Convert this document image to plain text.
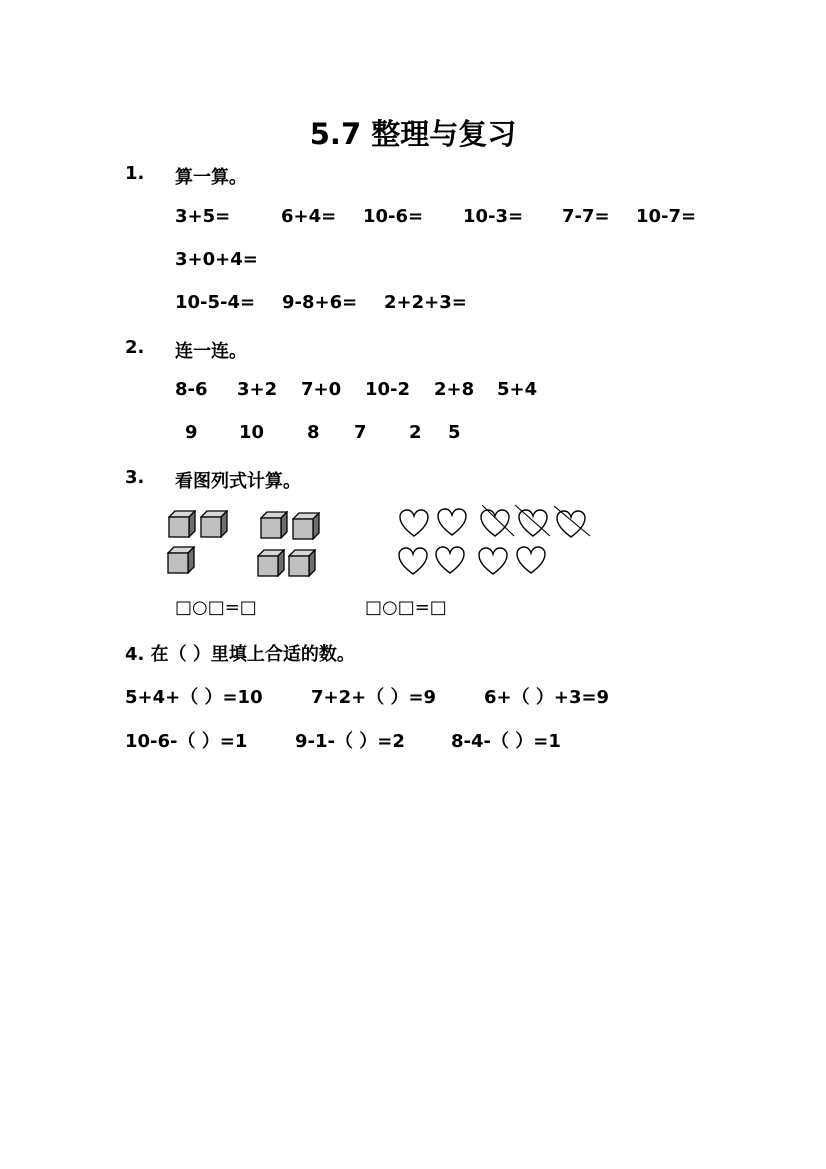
5.7 整理与复习
1. 算一算。
3+5=	6+4= 10-6= 10-3= 7-7= 10-7=
3+0+4=
10-5-4= 9-8+6= 2+2+3=
2. 连一连。
8-6 3+2 7+0 10-2 2+8 5+4
9 10 8 7 2 5
3. 看图列式计算。
□○□=□	□○□=□
4. 在（ ）里填上合适的数。
5+4+（ ）=10	7+2+（ ）=9	6+（ ）+3=9
10-6-（ ）=1	9-1-（ ）=2	8-4-（ ）=1
